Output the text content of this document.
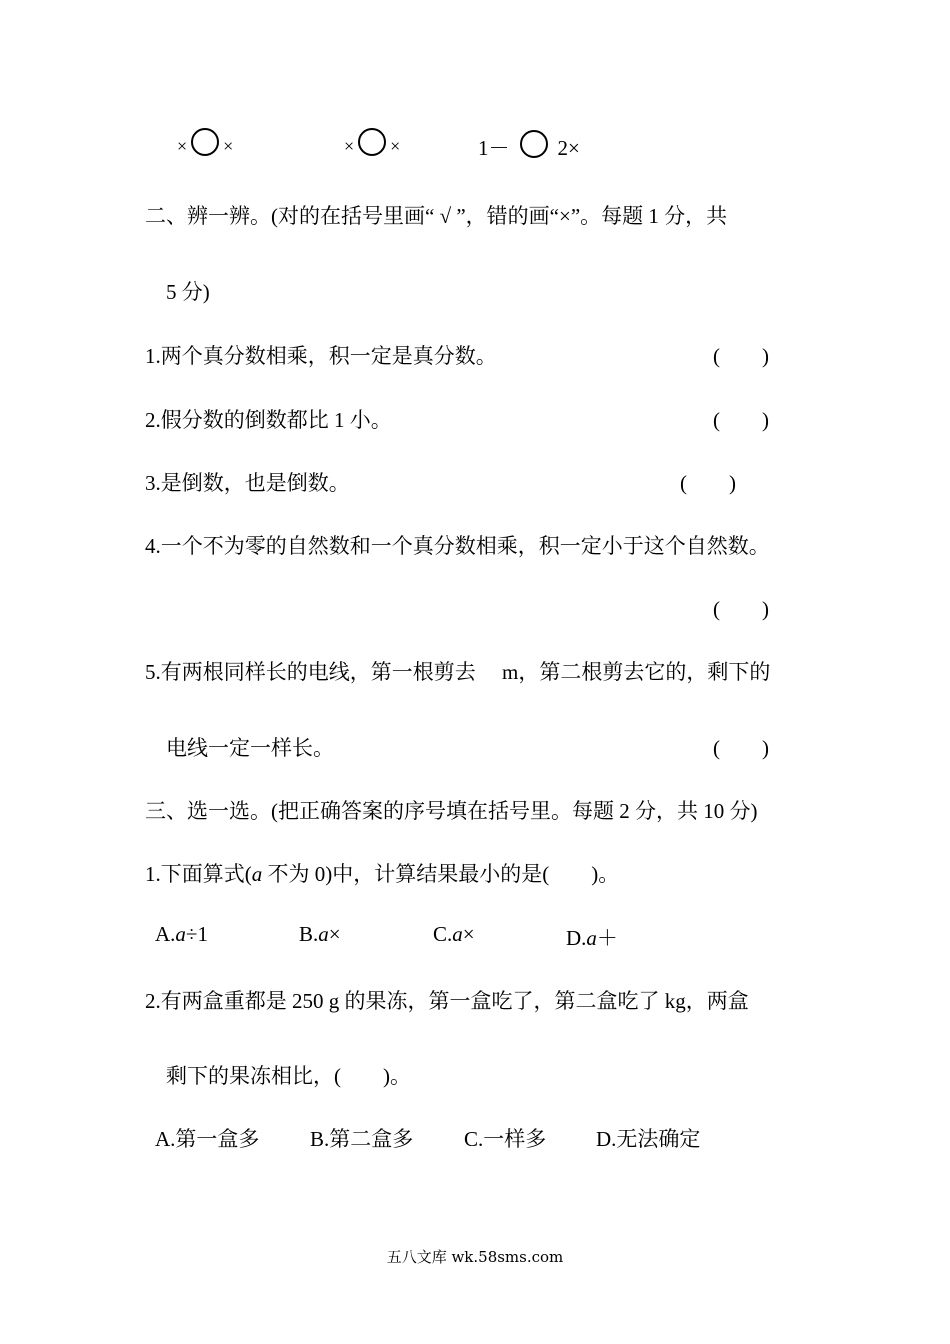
× ×	× ×	1－ 2×
二、辨一辨。(对的在括号里画“ √ ”，错的画“×”。每题 1 分，共
5 分)
1.两个真分数相乘，积一定是真分数。	(　　)
2.假分数的倒数都比 1 小。	(　　)
3.是倒数，也是倒数。	(　　)
4.一个不为零的自然数和一个真分数相乘，积一定小于这个自然数。
(　　)
5.有两根同样长的电线，第一根剪去　 m，第二根剪去它的，剩下的
电线一定一样长。	(　　)
三、选一选。(把正确答案的序号填在括号里。每题 2 分，共 10 分)
1.下面算式(a 不为 0)中，计算结果最小的是(　　)。
A.a÷1	B.a×	C.a×	D.a＋
2.有两盒重都是 250 g 的果冻，第一盒吃了，第二盒吃了 kg，两盒
剩下的果冻相比，(　　)。
A.第一盒多 B.第二盒多 C.一样多 D.无法确定
五八文库 wk.58sms.com
